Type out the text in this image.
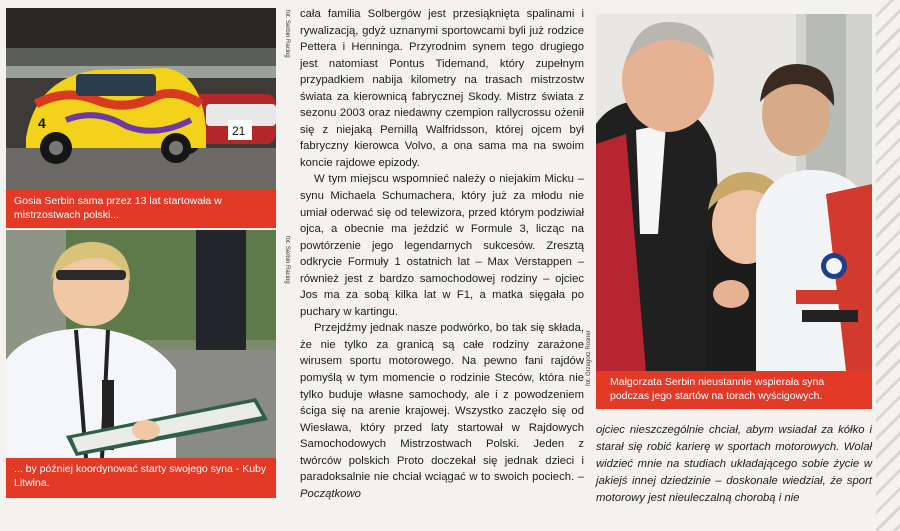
21
4
fot. Serbin Racing
Gosia Serbin sama przez 13 lat startowała w mistrzostwach polski...
fot. Serbin Racing
... by później koordynować starty swojego syna - Kuby Litwina.

cała familia Solbergów jest przesiąknięta spalinami i rywalizacją, gdyż uznanymi sportowcami byli już rodzice Pettera i Henninga. Przyrodnim synem tego drugiego jest natomiast Pontus Tidemand, który zupełnym przypadkiem nabija kilometry na trasach mistrzostw świata za kierownicą fabrycznej Skody. Mistrz świata z sezonu 2003 oraz niedawny czempion rallycrossu ożenił się z niejaką Pernillą Walfridsson, której ojcem był fabryczny kierowca Volvo, a ona sama ma na swoim koncie rajdowe epizody.

W tym miejscu wspomnieć należy o niejakim Micku – synu Michaela Schumachera, który już za młodu nie umiał oderwać się od telewizora, przed którym podziwiał ojca, a obecnie ma jeździć w Formule 3, licząc na powtórzenie jego legendarnych sukcesów. Zresztą odkrycie Formuły 1 ostatnich lat – Max Verstappen – również jest z bardzo samochodowej rodziny – ojciec Jos ma za sobą kilka lat w F1, a matka sięgała po puchary w kartingu.

Przejdźmy jednak nasze podwórko, bo tak się składa, że nie tylko za granicą są całe rodziny zarażone wirusem sportu motorowego. Na pewno fani rajdów pomyślą w tym momencie o rodzinie Steców, która nie tylko buduje własne samochody, ale i z powodzeniem ściga się na arenie krajowej. Wszystko zaczęło się od Wiesława, który przed laty startował w Rajdowych Samochodowych Mistrzostwach Polski. Jeden z twórców polskich Proto doczekał się jednak dzieci i paradoksalnie nie chciał wciągać w to swoich pociech. – Początkowo

fot. Grzegorz Rosner	Małgorzata Serbin nieustannie wspierała syna podczas jego startów na torach wyścigowych.

ojciec nieszczególnie chciał, abym wsiadał za kółko i starał się robić karierę w sportach motorowych. Wolał widzieć mnie na studiach układającego sobie życie w jakiejś innej dziedzinie – doskonale wiedział, że sport motorowy jest nieuleczalną chorobą i nie
